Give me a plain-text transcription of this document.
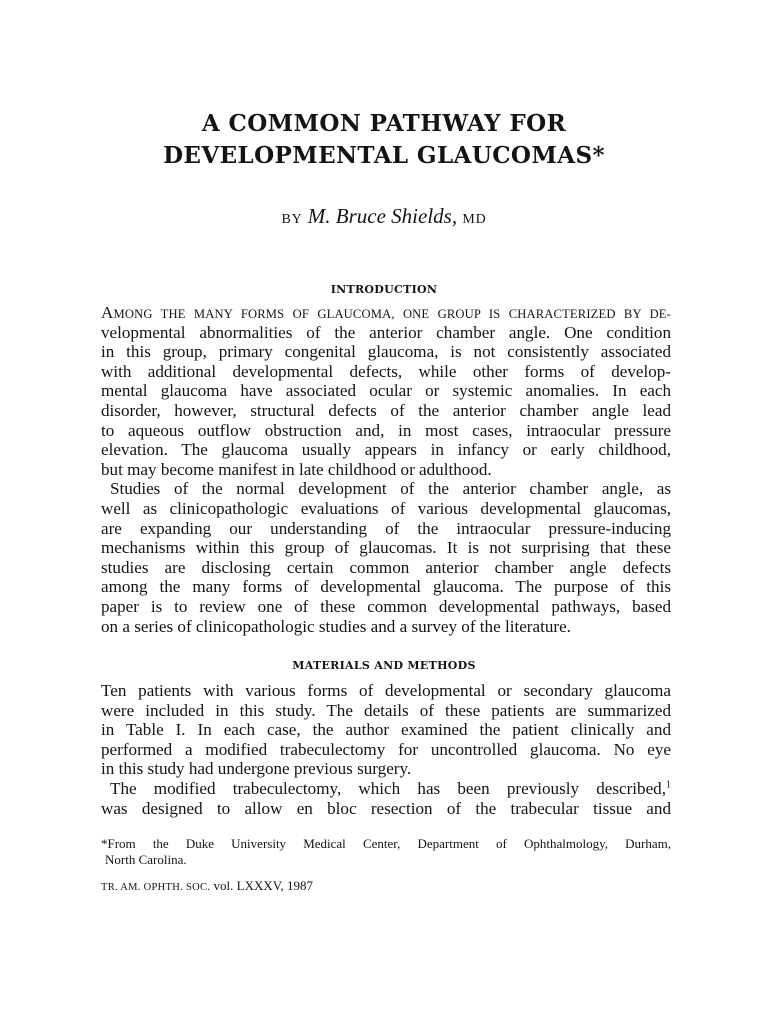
A COMMON PATHWAY FOR
DEVELOPMENTAL GLAUCOMAS*
BY M. Bruce Shields, MD
INTRODUCTION
AMONG THE MANY FORMS OF GLAUCOMA, ONE GROUP IS CHARACTERIZED BY DE-
velopmental abnormalities of the anterior chamber angle. One condition
in this group, primary congenital glaucoma, is not consistently associated
with additional developmental defects, while other forms of develop-
mental glaucoma have associated ocular or systemic anomalies. In each
disorder, however, structural defects of the anterior chamber angle lead
to aqueous outflow obstruction and, in most cases, intraocular pressure
elevation. The glaucoma usually appears in infancy or early childhood,
but may become manifest in late childhood or adulthood.
Studies of the normal development of the anterior chamber angle, as
well as clinicopathologic evaluations of various developmental glaucomas,
are expanding our understanding of the intraocular pressure-inducing
mechanisms within this group of glaucomas. It is not surprising that these
studies are disclosing certain common anterior chamber angle defects
among the many forms of developmental glaucoma. The purpose of this
paper is to review one of these common developmental pathways, based
on a series of clinicopathologic studies and a survey of the literature.
MATERIALS AND METHODS
Ten patients with various forms of developmental or secondary glaucoma
were included in this study. The details of these patients are summarized
in Table I. In each case, the author examined the patient clinically and
performed a modified trabeculectomy for uncontrolled glaucoma. No eye
in this study had undergone previous surgery.
The modified trabeculectomy, which has been previously described,$^1$
was designed to allow en bloc resection of the trabecular tissue and
*From the Duke University Medical Center, Department of Ophthalmology, Durham,
North Carolina.
TR. AM. OPHTH. SOC. vol. LXXXV, 1987
